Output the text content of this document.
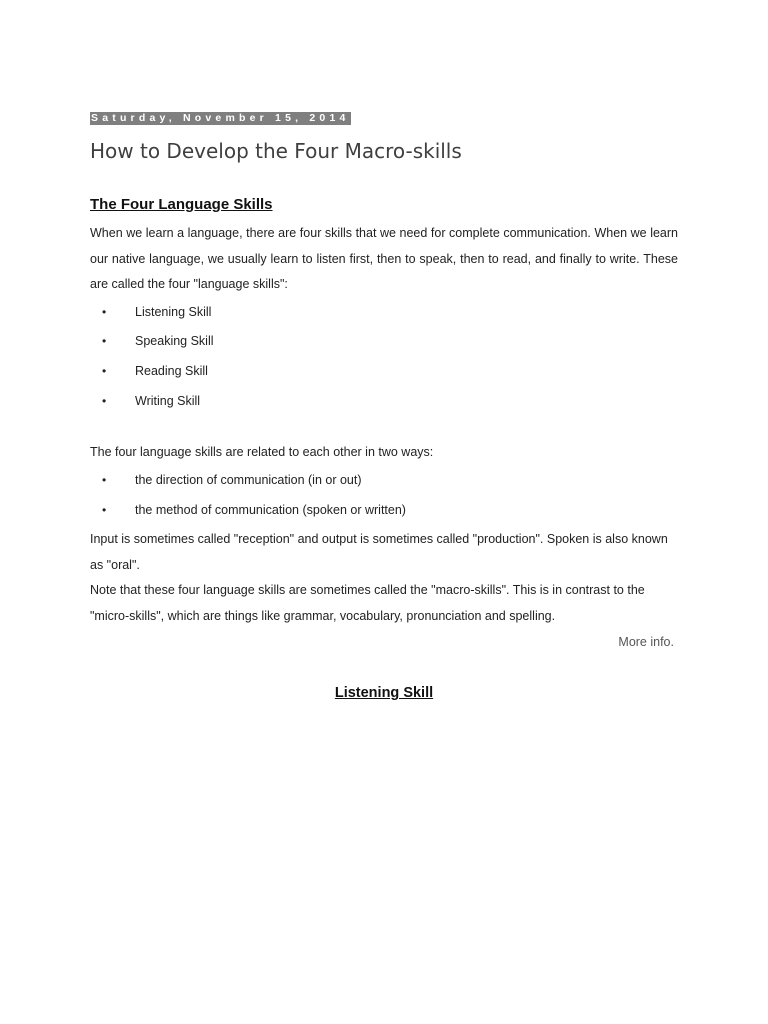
Saturday, November 15, 2014
How to Develop the Four Macro-skills
The Four Language Skills

When we learn a language, there are four skills that we need for complete communication. When we learn our native language, we usually learn to listen first, then to speak, then to read, and finally to write. These are called the four "language skills":

• Listening Skill
• Speaking Skill
• Reading Skill
• Writing Skill

The four language skills are related to each other in two ways:

• the direction of communication (in or out)
• the method of communication (spoken or written)

Input is sometimes called "reception" and output is sometimes called "production". Spoken is also known as "oral".

Note that these four language skills are sometimes called the "macro-skills". This is in contrast to the "micro-skills", which are things like grammar, vocabulary, pronunciation and spelling.

More info.

Listening Skill
